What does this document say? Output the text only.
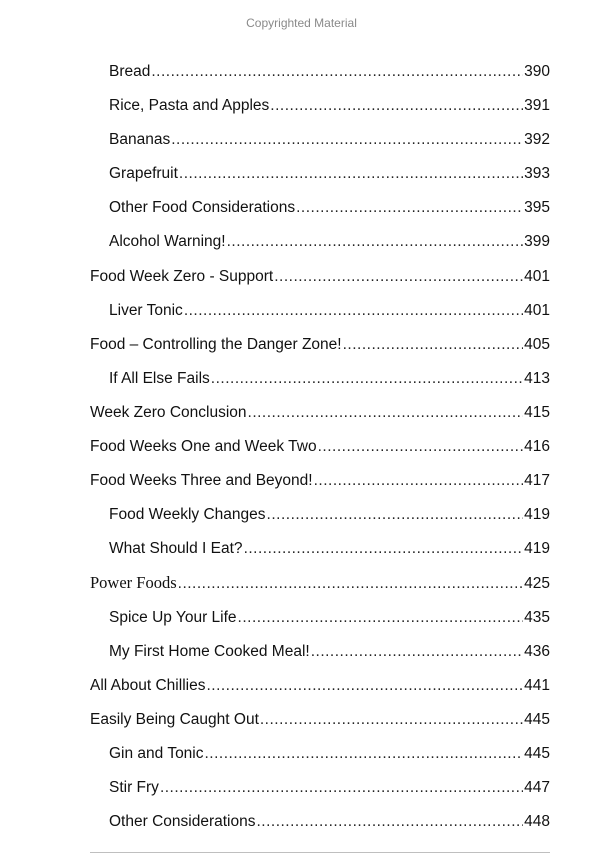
Copyrighted Material
Bread .....	390
Rice, Pasta and Apples .....	391
Bananas .....	392
Grapefruit .....	393
Other Food Considerations .....	395
Alcohol Warning! .....	399
Food Week Zero - Support .....	401
Liver Tonic .....	401
Food – Controlling the Danger Zone! .....	405
If All Else Fails .....	413
Week Zero Conclusion .....	415
Food Weeks One and Week Two .....	416
Food Weeks Three and Beyond! .....	417
Food Weekly Changes .....	419
What Should I Eat? .....	419
Power Foods .....	425
Spice Up Your Life .....	435
My First Home Cooked Meal! .....	436
All About Chillies .....	441
Easily Being Caught Out .....	445
Gin and Tonic .....	445
Stir Fry .....	447
Other Considerations .....	448
